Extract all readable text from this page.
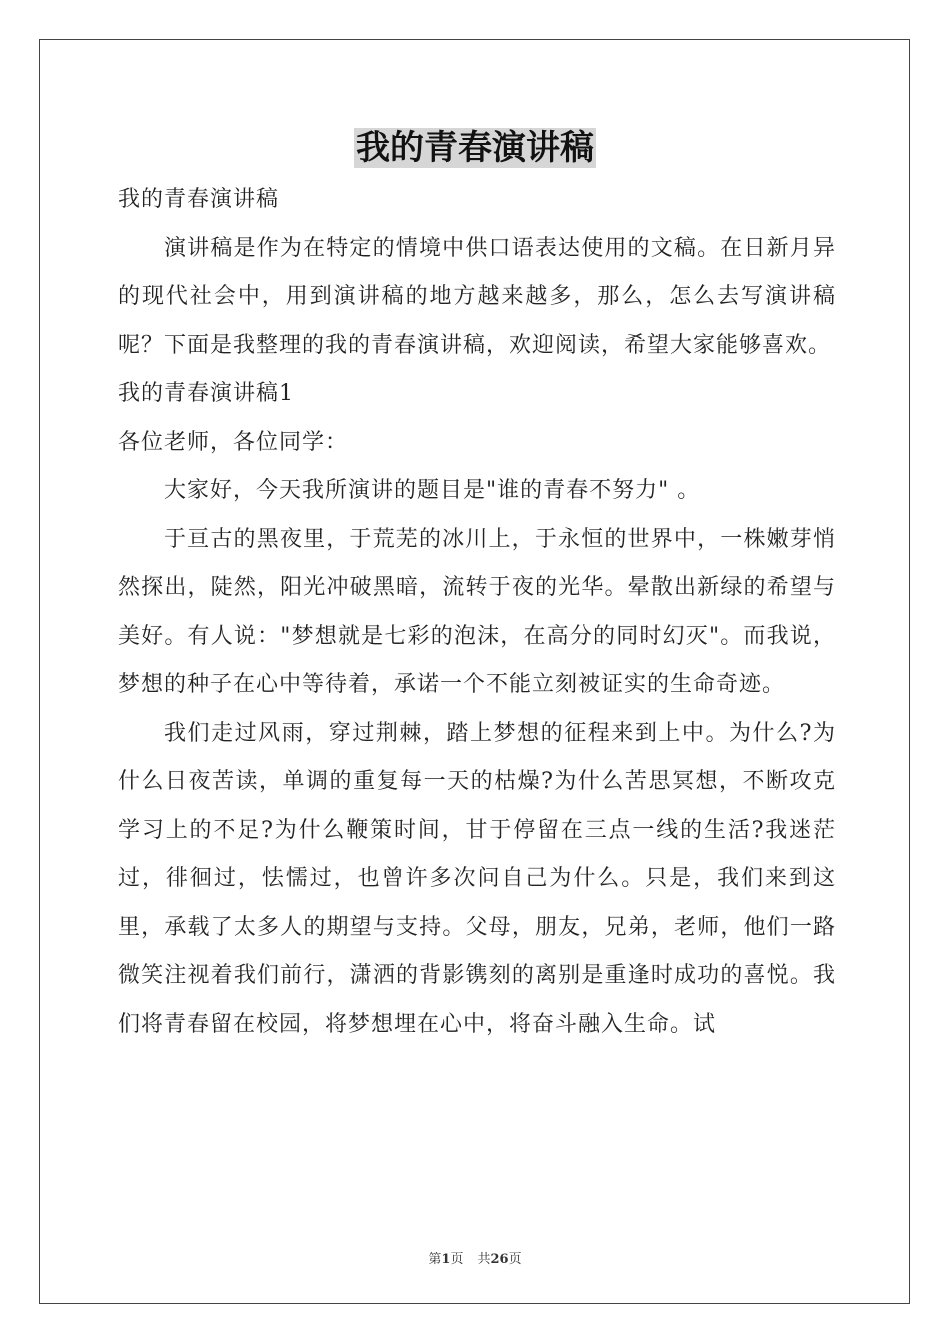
我的青春演讲稿

我的青春演讲稿

演讲稿是作为在特定的情境中供口语表达使用的文稿。在日新月异的现代社会中，用到演讲稿的地方越来越多，那么，怎么去写演讲稿呢？下面是我整理的我的青春演讲稿，欢迎阅读，希望大家能够喜欢。

我的青春演讲稿1

各位老师，各位同学：

大家好，今天我所演讲的题目是"谁的青春不努力" 。

于亘古的黑夜里，于荒芜的冰川上，于永恒的世界中，一株嫩芽悄然探出，陡然，阳光冲破黑暗，流转于夜的光华。晕散出新绿的希望与美好。有人说："梦想就是七彩的泡沫，在高分的同时幻灭"。而我说，梦想的种子在心中等待着，承诺一个不能立刻被证实的生命奇迹。

我们走过风雨，穿过荆棘，踏上梦想的征程来到上中。为什么?为什么日夜苦读，单调的重复每一天的枯燥?为什么苦思冥想，不断攻克学习上的不足?为什么鞭策时间，甘于停留在三点一线的生活?我迷茫过，徘徊过，怯懦过，也曾许多次问自己为什么。只是，我们来到这里，承载了太多人的期望与支持。父母，朋友，兄弟，老师，他们一路微笑注视着我们前行，潇洒的背影镌刻的离别是重逢时成功的喜悦。我们将青春留在校园，将梦想埋在心中，将奋斗融入生命。试

第1页 共26页
